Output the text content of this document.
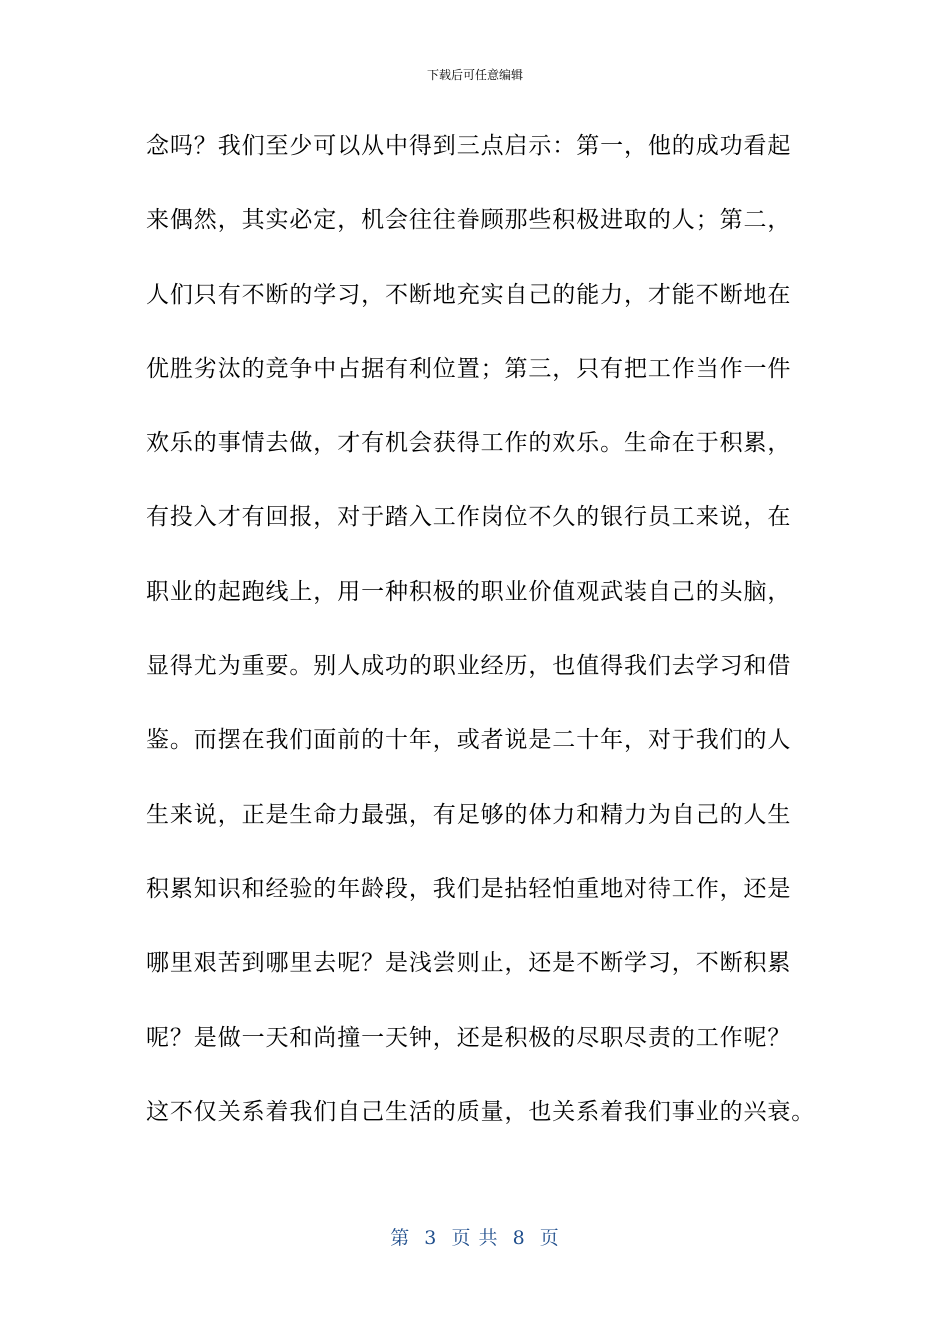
下载后可任意编辑
念吗？我们至少可以从中得到三点启示：第一，他的成功看起
来偶然，其实必定，机会往往眷顾那些积极进取的人；第二，
人们只有不断的学习，不断地充实自己的能力，才能不断地在
优胜劣汰的竞争中占据有利位置；第三，只有把工作当作一件
欢乐的事情去做，才有机会获得工作的欢乐。生命在于积累，
有投入才有回报，对于踏入工作岗位不久的银行员工来说，在
职业的起跑线上，用一种积极的职业价值观武装自己的头脑，
显得尤为重要。别人成功的职业经历，也值得我们去学习和借
鉴。而摆在我们面前的十年，或者说是二十年，对于我们的人
生来说，正是生命力最强，有足够的体力和精力为自己的人生
积累知识和经验的年龄段，我们是拈轻怕重地对待工作，还是
哪里艰苦到哪里去呢？是浅尝则止，还是不断学习，不断积累
呢？是做一天和尚撞一天钟，还是积极的尽职尽责的工作呢？
这不仅关系着我们自己生活的质量，也关系着我们事业的兴衰。
第  3  页 共  8  页
